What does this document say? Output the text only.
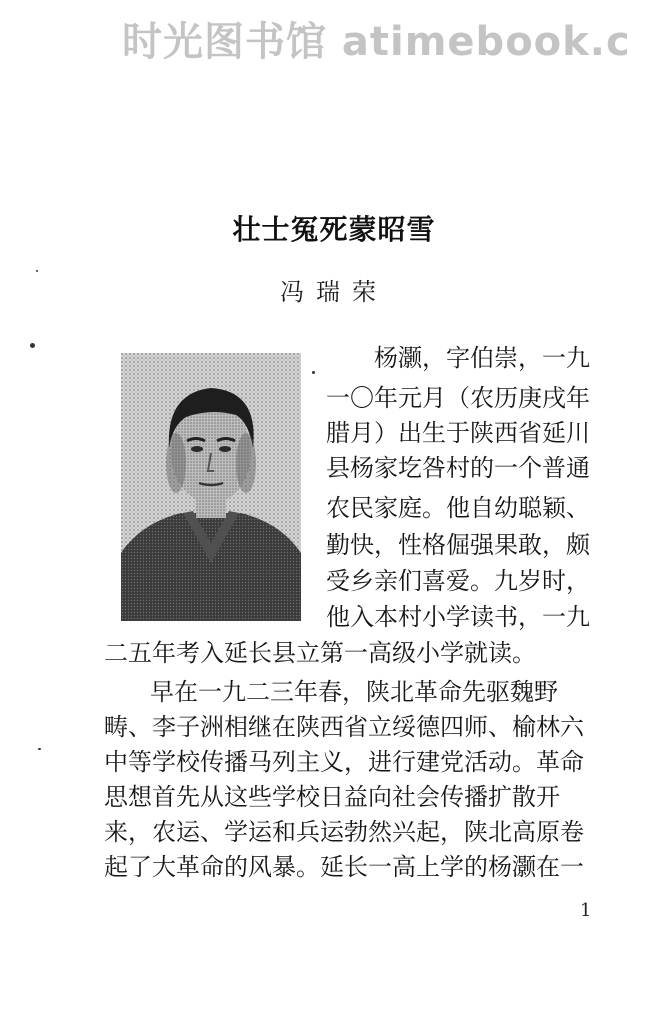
时光图书馆 atimebook.c
壮士冤死蒙昭雪
冯瑞荣
杨灏，字伯崇，一九
一〇年元月（农历庚戌年
腊月）出生于陕西省延川
县杨家圪咎村的一个普通
农民家庭。他自幼聪颖、
勤快，性格倔强果敢，颇
受乡亲们喜爱。九岁时，
他入本村小学读书，一九
二五年考入延长县立第一高级小学就读。
早在一九二三年春，陕北革命先驱魏野
畴、李子洲相继在陕西省立绥德四师、榆林六
中等学校传播马列主义，进行建党活动。革命
思想首先从这些学校日益向社会传播扩散开
来，农运、学运和兵运勃然兴起，陕北高原卷
起了大革命的风暴。延长一高上学的杨灏在一
1
